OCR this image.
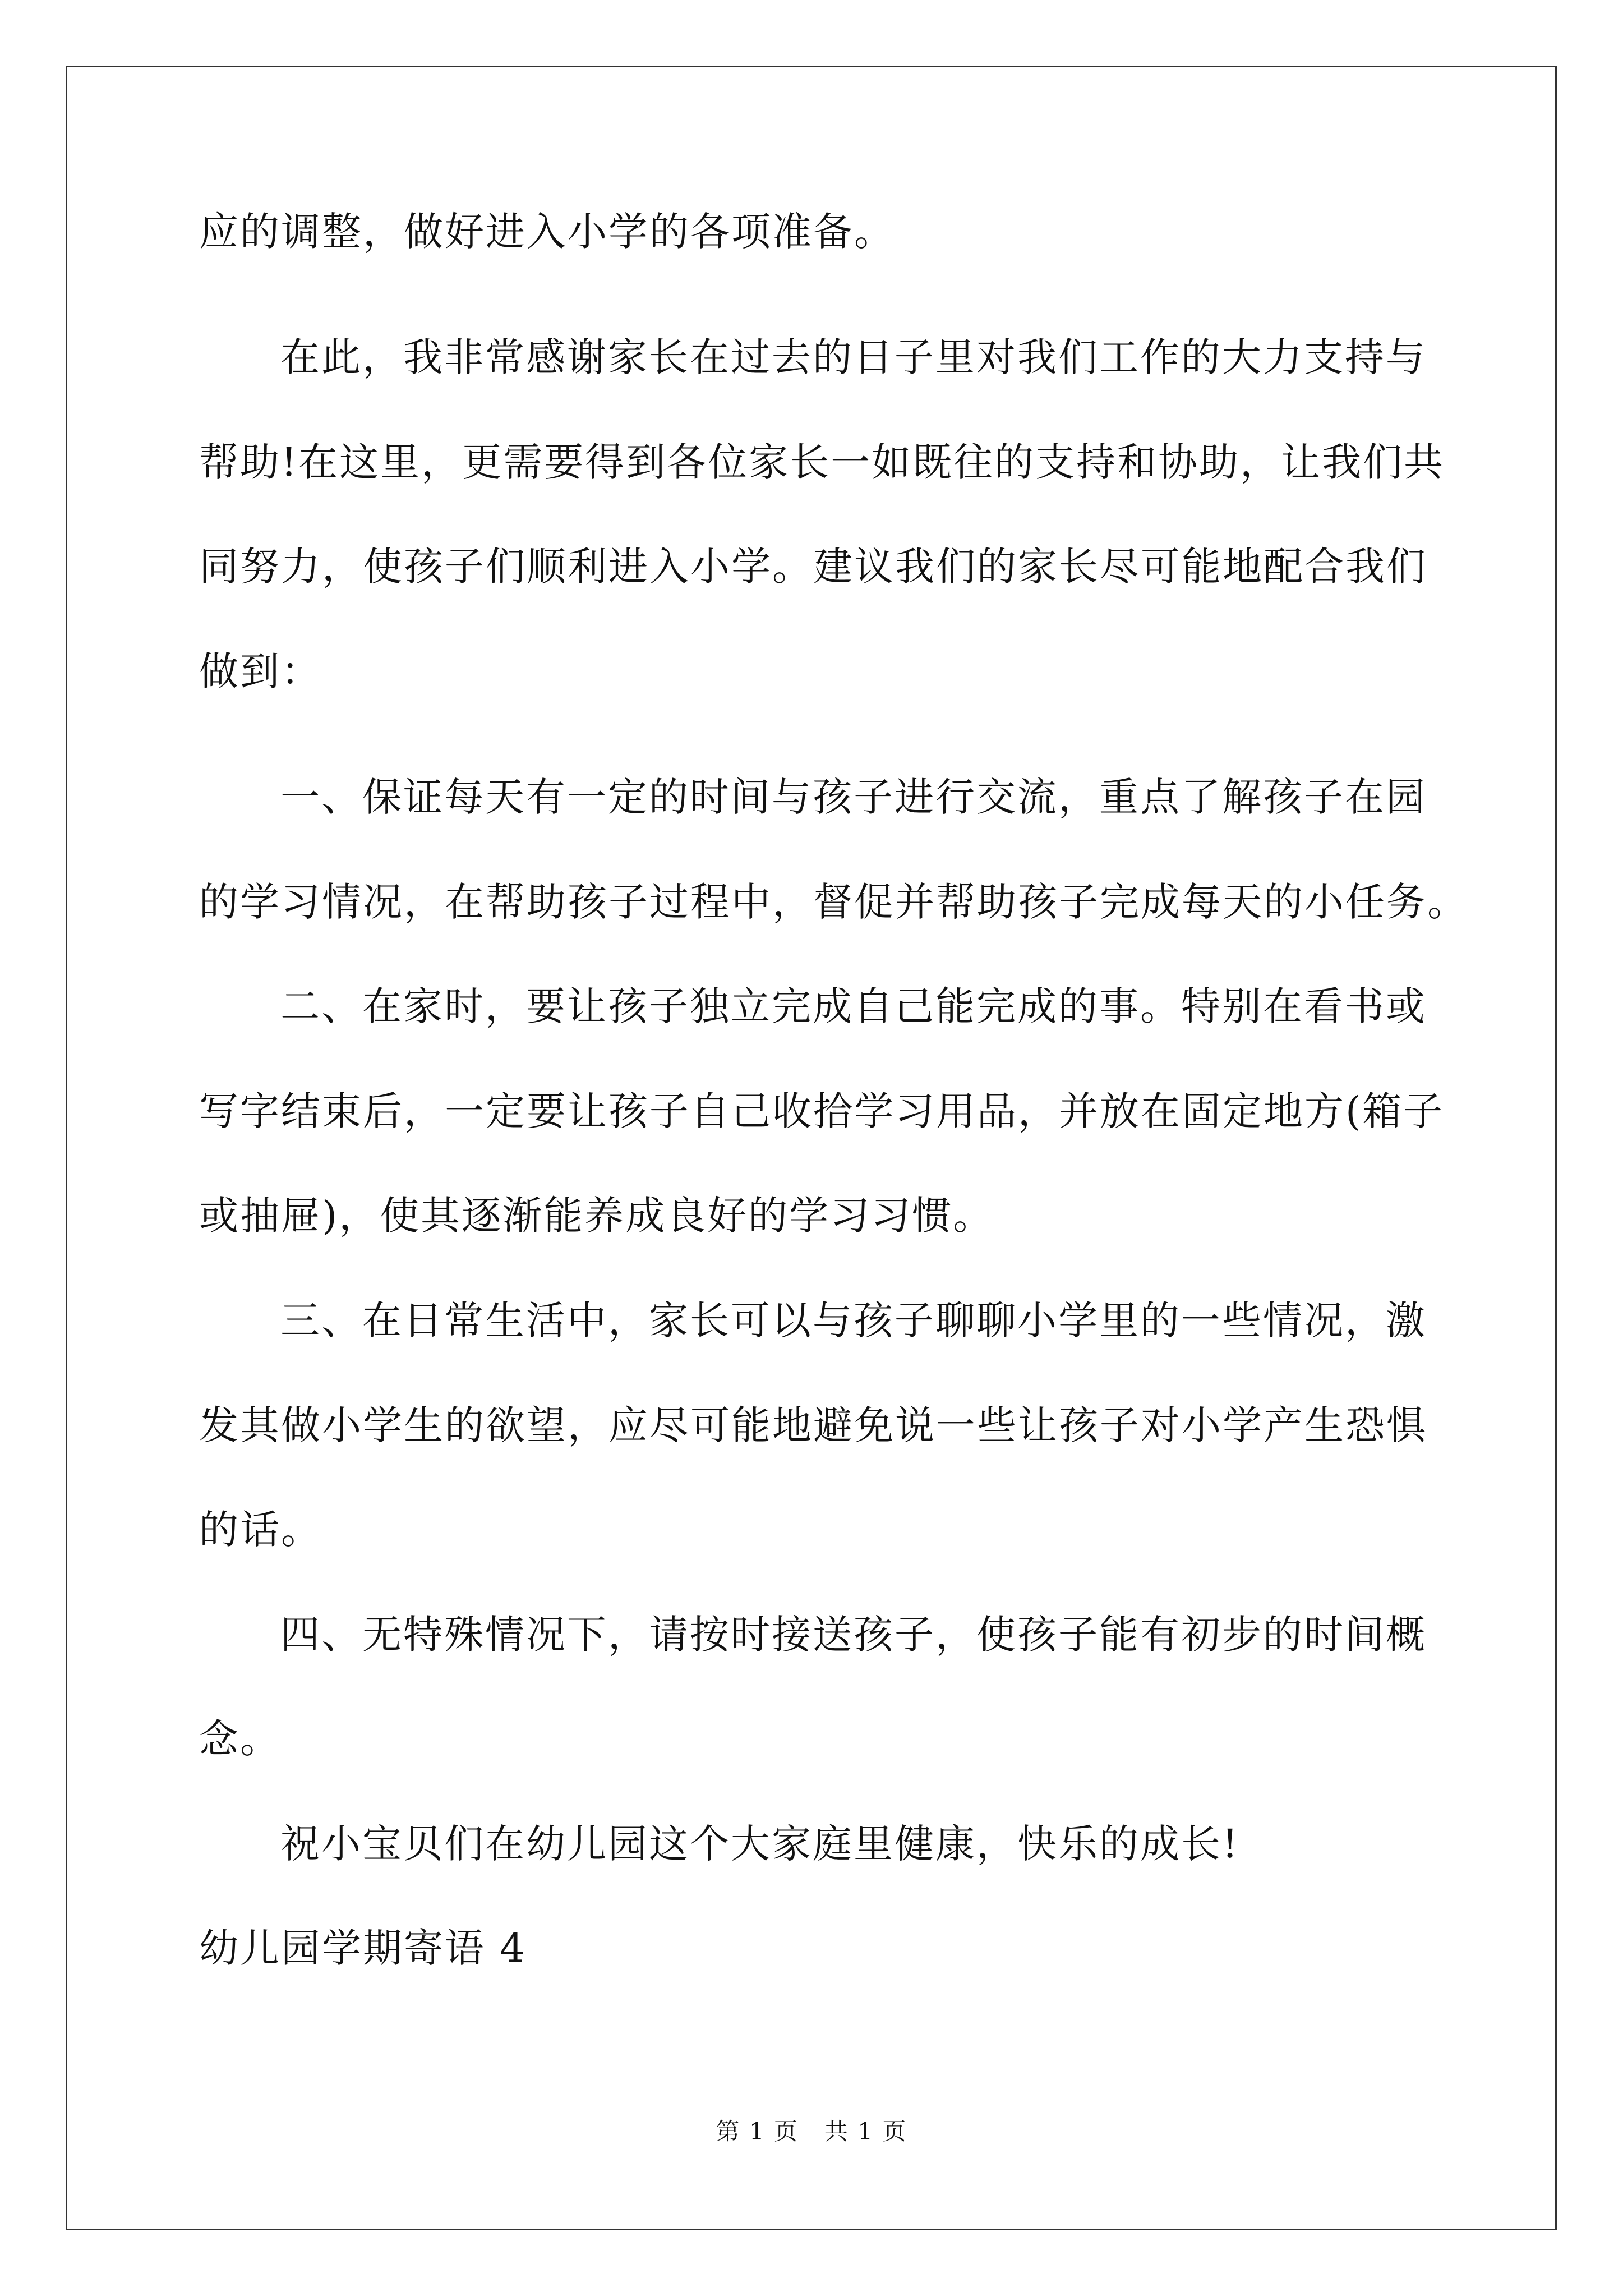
应的调整，做好进入小学的各项准备。
在此，我非常感谢家长在过去的日子里对我们工作的大力支持与
帮助!在这里，更需要得到各位家长一如既往的支持和协助，让我们共
同努力，使孩子们顺利进入小学。建议我们的家长尽可能地配合我们
做到：
一、保证每天有一定的时间与孩子进行交流，重点了解孩子在园
的学习情况，在帮助孩子过程中，督促并帮助孩子完成每天的小任务。
二、在家时，要让孩子独立完成自己能完成的事。特别在看书或
写字结束后，一定要让孩子自己收拾学习用品，并放在固定地方(箱子
或抽屉)，使其逐渐能养成良好的学习习惯。
三、在日常生活中，家长可以与孩子聊聊小学里的一些情况，激
发其做小学生的欲望，应尽可能地避免说一些让孩子对小学产生恐惧
的话。
四、无特殊情况下，请按时接送孩子，使孩子能有初步的时间概
念。
祝小宝贝们在幼儿园这个大家庭里健康，快乐的成长!
幼儿园学期寄语 4
第 1 页   共 1 页
